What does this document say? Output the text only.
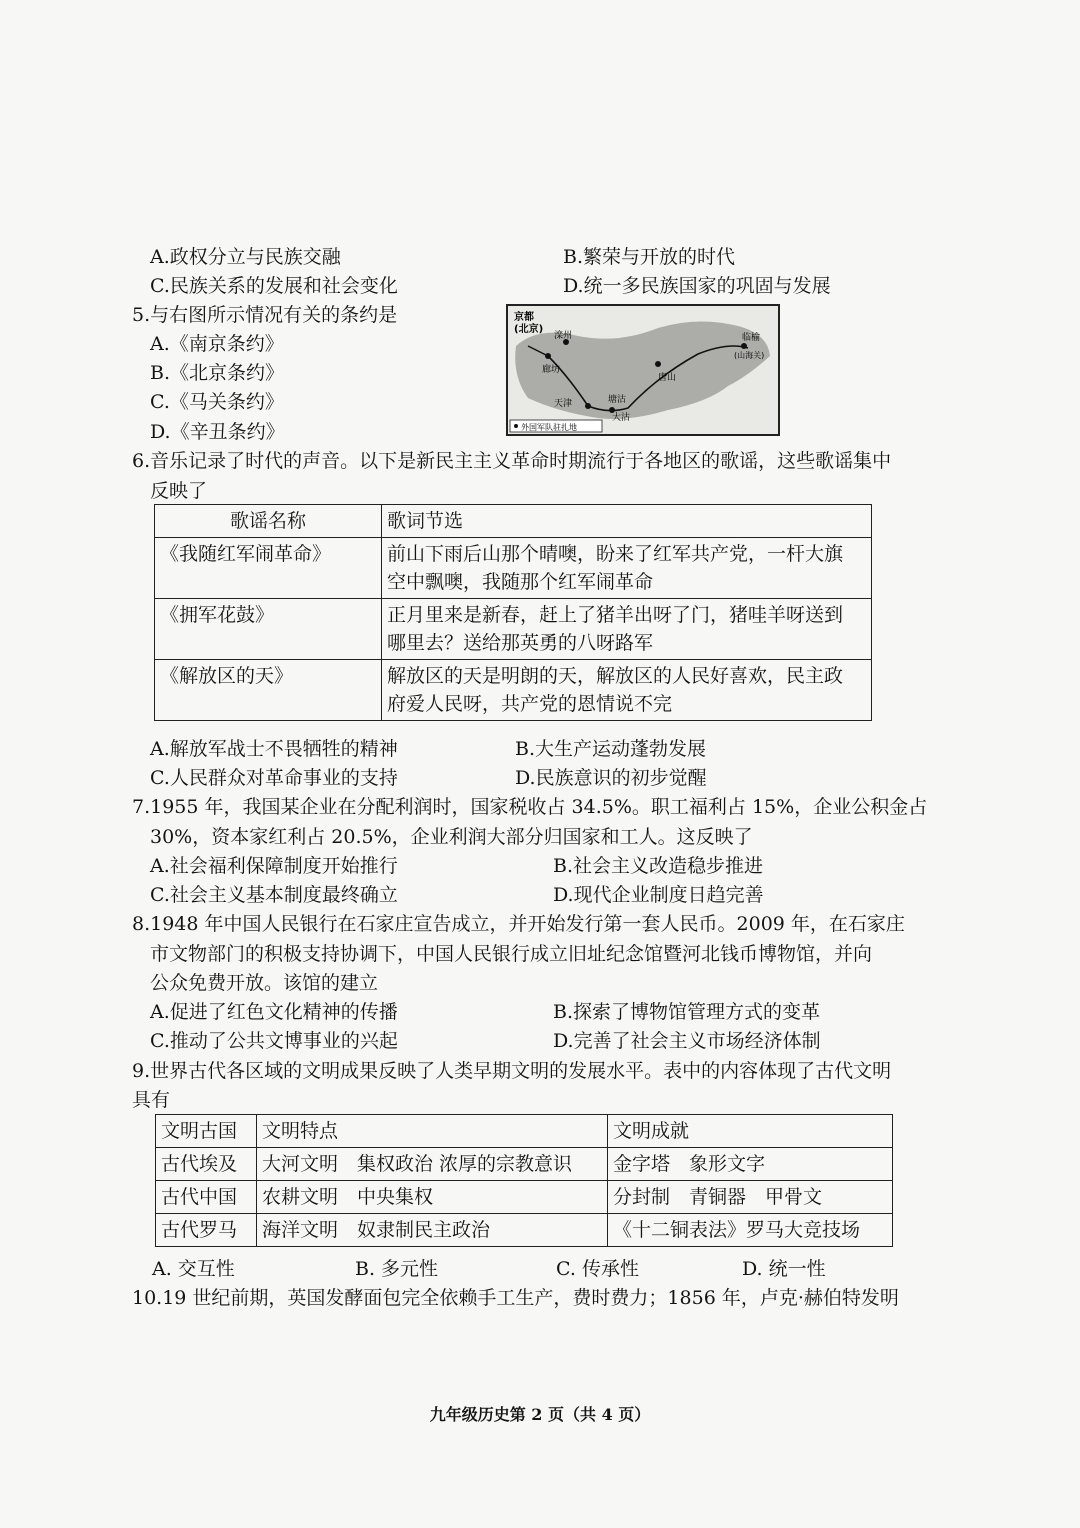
A.政权分立与民族交融	B.繁荣与开放的时代
C.民族关系的发展和社会变化	D.统一多民族国家的巩固与发展
5.与右图所示情况有关的条约是
A.《南京条约》
B.《北京条约》
C.《马关条约》
D.《辛丑条约》
京都
(北京)
滦州
廊坊
唐山
天津	塘沽
大沽
临榆
(山海关)
外国军队驻扎地
6.音乐记录了时代的声音。以下是新民主主义革命时期流行于各地区的歌谣，这些歌谣集中
反映了
歌谣名称	歌词节选
《我随红军闹革命》	前山下雨后山那个晴噢，盼来了红军共产党，一杆大旗
空中飘噢，我随那个红军闹革命

《拥军花鼓》	正月里来是新春，赶上了猪羊出呀了门，猪哇羊呀送到
哪里去？送给那英勇的八呀路军

《解放区的天》	解放区的天是明朗的天，解放区的人民好喜欢，民主政
府爱人民呀，共产党的恩情说不完
A.解放军战士不畏牺牲的精神	B.大生产运动蓬勃发展
C.人民群众对革命事业的支持	D.民族意识的初步觉醒
7.1955 年，我国某企业在分配利润时，国家税收占 34.5%。职工福利占 15%，企业公积金占
30%，资本家红利占 20.5%，企业利润大部分归国家和工人。这反映了
A.社会福利保障制度开始推行	B.社会主义改造稳步推进
C.社会主义基本制度最终确立	D.现代企业制度日趋完善
8.1948 年中国人民银行在石家庄宣告成立，并开始发行第一套人民币。2009 年，在石家庄
市文物部门的积极支持协调下，中国人民银行成立旧址纪念馆暨河北钱币博物馆，并向
公众免费开放。该馆的建立
A.促进了红色文化精神的传播	B.探索了博物馆管理方式的变革
C.推动了公共文博事业的兴起	D.完善了社会主义市场经济体制
9.世界古代各区域的文明成果反映了人类早期文明的发展水平。表中的内容体现了古代文明
具有
文明古国	文明特点	文明成就
古代埃及	大河文明　集权政治 浓厚的宗教意识	金字塔　象形文字
古代中国	农耕文明　中央集权	分封制　青铜器　甲骨文
古代罗马	海洋文明　奴隶制民主政治	《十二铜表法》罗马大竞技场
A. 交互性	B. 多元性	C. 传承性	D. 统一性
10.19 世纪前期，英国发酵面包完全依赖手工生产，费时费力；1856 年，卢克·赫伯特发明
九年级历史第 2 页（共 4 页）
